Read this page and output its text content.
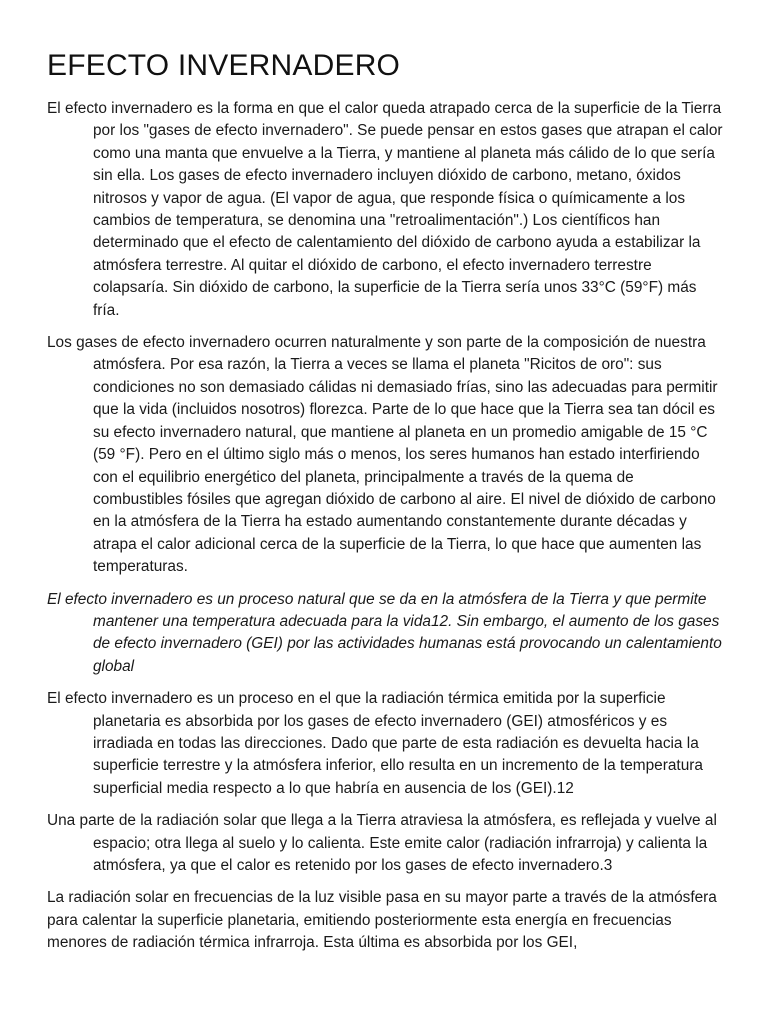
EFECTO INVERNADERO

El efecto invernadero es la forma en que el calor queda atrapado cerca de la superficie de la Tierra por los "gases de efecto invernadero". Se puede pensar en estos gases que atrapan el calor como una manta que envuelve a la Tierra, y mantiene al planeta más cálido de lo que sería sin ella. Los gases de efecto invernadero incluyen dióxido de carbono, metano, óxidos nitrosos y vapor de agua. (El vapor de agua, que responde física o químicamente a los cambios de temperatura, se denomina una "retroalimentación".) Los científicos han determinado que el efecto de calentamiento del dióxido de carbono ayuda a estabilizar la atmósfera terrestre. Al quitar el dióxido de carbono, el efecto invernadero terrestre colapsaría. Sin dióxido de carbono, la superficie de la Tierra sería unos 33°C (59°F) más fría.

Los gases de efecto invernadero ocurren naturalmente y son parte de la composición de nuestra atmósfera. Por esa razón, la Tierra a veces se llama el planeta "Ricitos de oro": sus condiciones no son demasiado cálidas ni demasiado frías, sino las adecuadas para permitir que la vida (incluidos nosotros) florezca. Parte de lo que hace que la Tierra sea tan dócil es su efecto invernadero natural, que mantiene al planeta en un promedio amigable de 15 °C (59 °F). Pero en el último siglo más o menos, los seres humanos han estado interfiriendo con el equilibrio energético del planeta, principalmente a través de la quema de combustibles fósiles que agregan dióxido de carbono al aire. El nivel de dióxido de carbono en la atmósfera de la Tierra ha estado aumentando constantemente durante décadas y atrapa el calor adicional cerca de la superficie de la Tierra, lo que hace que aumenten las temperaturas.

El efecto invernadero es un proceso natural que se da en la atmósfera de la Tierra y que permite mantener una temperatura adecuada para la vida12. Sin embargo, el aumento de los gases de efecto invernadero (GEI) por las actividades humanas está provocando un calentamiento global

El efecto invernadero es un proceso en el que la radiación térmica emitida por la superficie planetaria es absorbida por los gases de efecto invernadero (GEI) atmosféricos y es irradiada en todas las direcciones. Dado que parte de esta radiación es devuelta hacia la superficie terrestre y la atmósfera inferior, ello resulta en un incremento de la temperatura superficial media respecto a lo que habría en ausencia de los (GEI).12

Una parte de la radiación solar que llega a la Tierra atraviesa la atmósfera, es reflejada y vuelve al espacio; otra llega al suelo y lo calienta. Este emite calor (radiación infrarroja) y calienta la atmósfera, ya que el calor es retenido por los gases de efecto invernadero.3

La radiación solar en frecuencias de la luz visible pasa en su mayor parte a través de la atmósfera para calentar la superficie planetaria, emitiendo posteriormente esta energía en frecuencias menores de radiación térmica infrarroja. Esta última es absorbida por los GEI,
